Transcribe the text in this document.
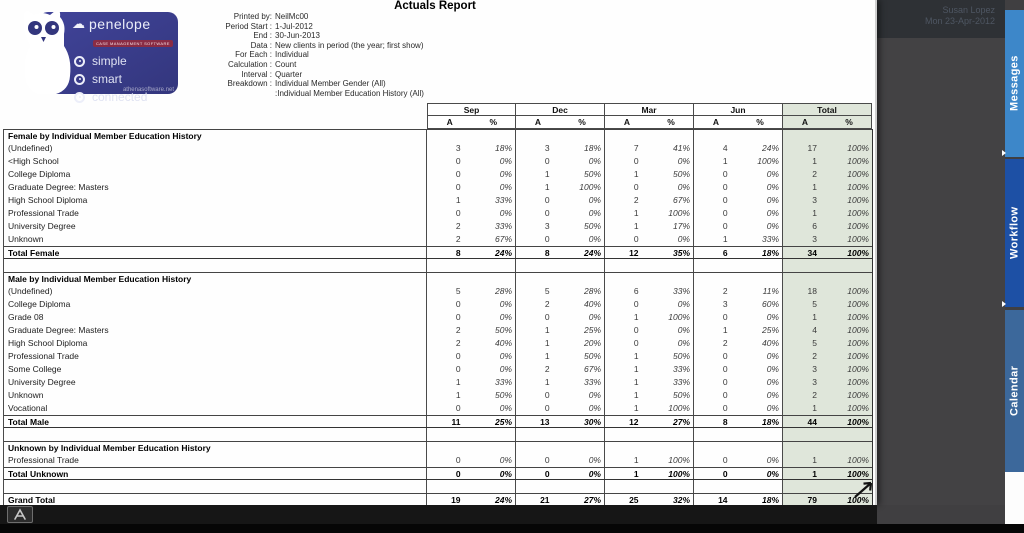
Susan Lopez
Mon 23-Apr-2012
Messages
Workflow
Calendar
☁ penelope
CASE MANAGEMENT SOFTWARE
simple
smart
connected
athenasoftware.net
Actuals Report
Printed by: NeilMc00
Period Start : 1-Jul-2012
End : 30-Jun-2013
Data : New clients in period (the year; first show)
For Each : Individual
Calculation : Count
Interval : Quarter
Breakdown : Individual Member Gender (All)
:Individual Member Education History (All)
Sep	Dec	Mar	Jun	Total
A	%	A	%	A	%	A	%	A	%
Female by Individual Member Education History
(Undefined)	3	18%	3	18%	7	41%	4	24%	17	100%
<High School	0	0%	0	0%	0	0%	1	100%	1	100%
College Diploma	0	0%	1	50%	1	50%	0	0%	2	100%
Graduate Degree: Masters	0	0%	1	100%	0	0%	0	0%	1	100%
High School Diploma	1	33%	0	0%	2	67%	0	0%	3	100%
Professional Trade	0	0%	0	0%	1	100%	0	0%	1	100%
University Degree	2	33%	3	50%	1	17%	0	0%	6	100%
Unknown	2	67%	0	0%	0	0%	1	33%	3	100%
Total Female	8	24%	8	24%	12	35%	6	18%	34	100%
Male by Individual Member Education History
(Undefined)	5	28%	5	28%	6	33%	2	11%	18	100%
College Diploma	0	0%	2	40%	0	0%	3	60%	5	100%
Grade 08	0	0%	0	0%	1	100%	0	0%	1	100%
Graduate Degree: Masters	2	50%	1	25%	0	0%	1	25%	4	100%
High School Diploma	2	40%	1	20%	0	0%	2	40%	5	100%
Professional Trade	0	0%	1	50%	1	50%	0	0%	2	100%
Some College	0	0%	2	67%	1	33%	0	0%	3	100%
University Degree	1	33%	1	33%	1	33%	0	0%	3	100%
Unknown	1	50%	0	0%	1	50%	0	0%	2	100%
Vocational	0	0%	0	0%	1	100%	0	0%	1	100%
Total Male	11	25%	13	30%	12	27%	8	18%	44	100%
Unknown by Individual Member Education History
Professional Trade	0	0%	0	0%	1	100%	0	0%	1	100%
Total Unknown	0	0%	0	0%	1	100%	0	0%	1	100%
Grand Total	19	24%	21	27%	25	32%	14	18%	79	100%
